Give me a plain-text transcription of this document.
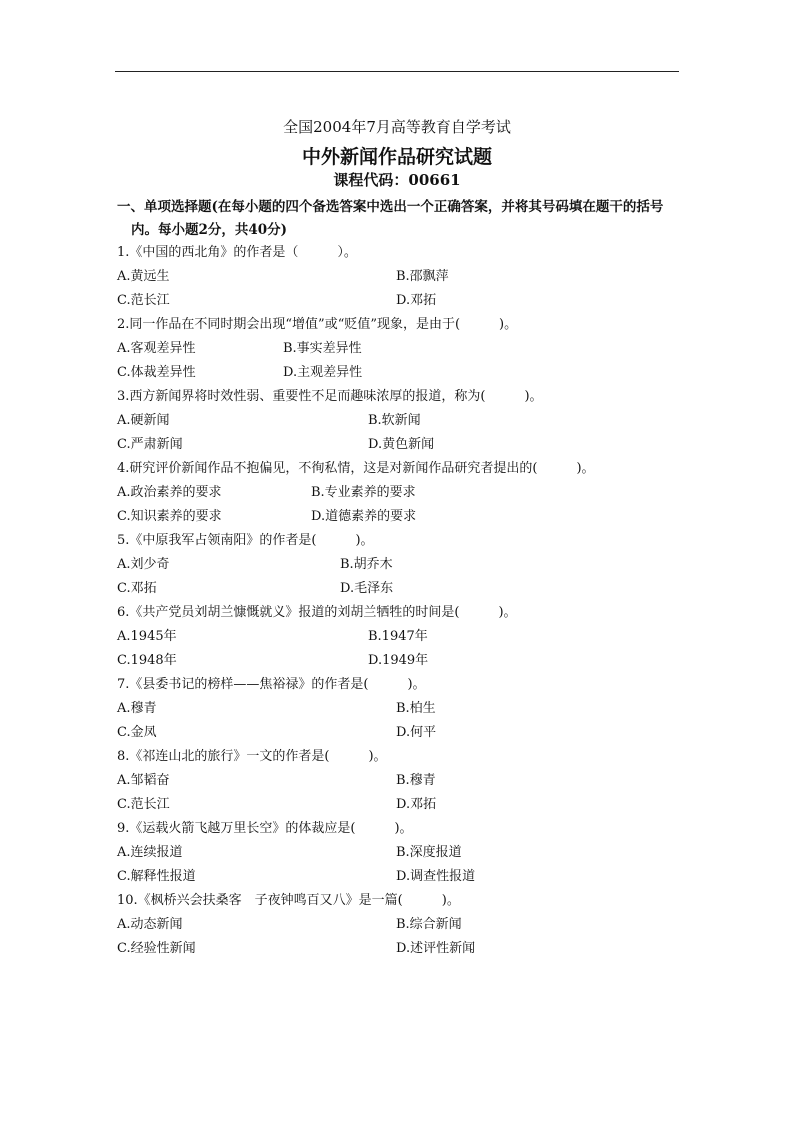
全国2004年7月高等教育自学考试
中外新闻作品研究试题
课程代码：00661
一、单项选择题(在每小题的四个备选答案中选出一个正确答案，并将其号码填在题干的括号
内。每小题2分，共40分)
1.《中国的西北角》的作者是（　　　）。
A.黄远生	B.邵飘萍
C.范长江	D.邓拓
2.同一作品在不同时期会出现“增值”或“贬值”现象，是由于(　　　)。
A.客观差异性	B.事实差异性
C.体裁差异性	D.主观差异性
3.西方新闻界将时效性弱、重要性不足而趣味浓厚的报道，称为(　　　)。
A.硬新闻	B.软新闻
C.严肃新闻	D.黄色新闻
4.研究评价新闻作品不抱偏见，不徇私情，这是对新闻作品研究者提出的(　　　)。
A.政治素养的要求	B.专业素养的要求
C.知识素养的要求	D.道德素养的要求
5.《中原我军占领南阳》的作者是(　　　)。
A.刘少奇	B.胡乔木
C.邓拓	D.毛泽东
6.《共产党员刘胡兰慷慨就义》报道的刘胡兰牺牲的时间是(　　　)。
A.1945年	B.1947年
C.1948年	D.1949年
7.《县委书记的榜样——焦裕禄》的作者是(　　　)。
A.穆青	B.柏生
C.金凤	D.何平
8.《祁连山北的旅行》一文的作者是(　　　)。
A.邹韬奋	B.穆青
C.范长江	D.邓拓
9.《运载火箭飞越万里长空》的体裁应是(　　　)。
A.连续报道	B.深度报道
C.解释性报道	D.调查性报道
10.《枫桥兴会扶桑客　子夜钟鸣百又八》是一篇(　　　)。
A.动态新闻	B.综合新闻
C.经验性新闻	D.述评性新闻
